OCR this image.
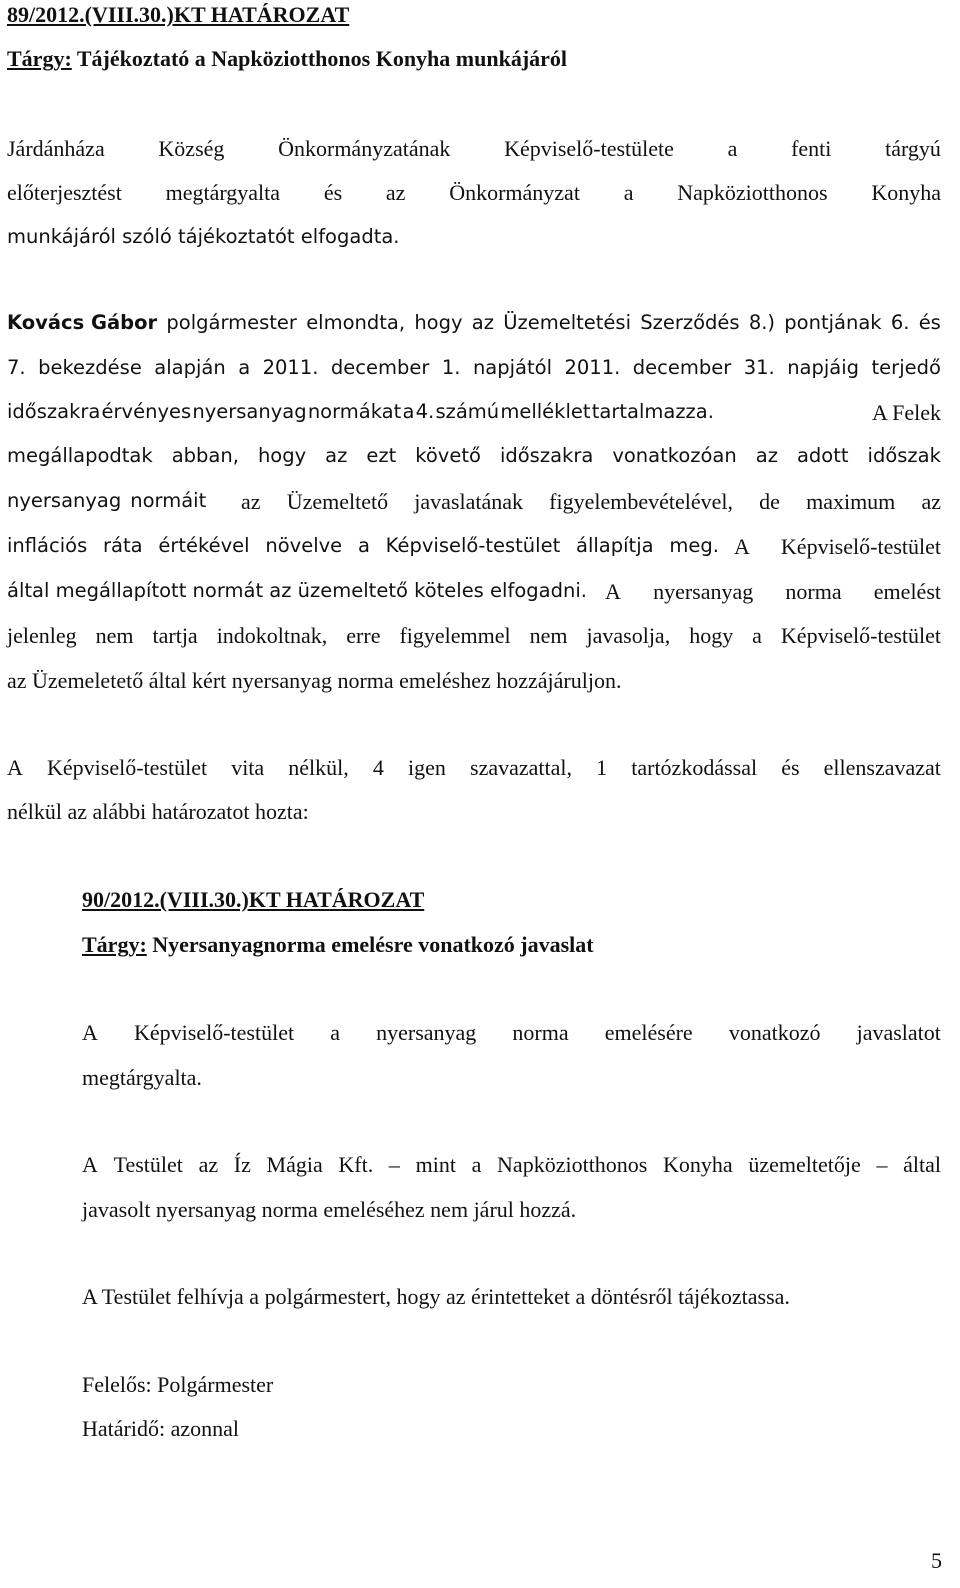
89/2012.(VIII.30.)KT HATÁROZAT
Tárgy: Tájékoztató a Napköziotthonos Konyha munkájáról
Járdánháza Község Önkormányzatának Képviselő-testülete a fenti tárgyú
előterjesztést megtárgyalta és az Önkormányzat a Napköziotthonos Konyha
munkájáról szóló tájékoztatót elfogadta.
Kovács Gábor polgármester elmondta, hogy az Üzemeltetési Szerződés 8.) pontjának 6. és
7. bekezdése alapján a 2011. december 1. napjától 2011. december 31. napjáig terjedő
időszakra érvényes nyersanyag normákat a 4. számú melléklet tartalmazza.	A Felek
megállapodtak abban, hogy az ezt követő időszakra vonatkozóan az adott időszak
nyersanyag normáit az Üzemeltető javaslatának figyelembevételével, de maximum az
inflációs ráta értékével növelve a Képviselő-testület állapítja meg. A Képviselő-testület
által megállapított normát az üzemeltető köteles elfogadni. A nyersanyag norma emelést
jelenleg nem tartja indokoltnak, erre figyelemmel nem javasolja, hogy a Képviselő-testület
az Üzemeletető által kért nyersanyag norma emeléshez hozzájáruljon.
A Képviselő-testület vita nélkül, 4 igen szavazattal, 1 tartózkodással és ellenszavazat
nélkül az alábbi határozatot hozta:
90/2012.(VIII.30.)KT HATÁROZAT
Tárgy: Nyersanyagnorma emelésre vonatkozó javaslat
A Képviselő-testület a nyersanyag norma emelésére vonatkozó javaslatot
megtárgyalta.
A Testület az Íz Mágia Kft. – mint a Napköziotthonos Konyha üzemeltetője – által
javasolt nyersanyag norma emeléséhez nem járul hozzá.
A Testület felhívja a polgármestert, hogy az érintetteket a döntésről tájékoztassa.
Felelős: Polgármester
Határidő: azonnal
5
